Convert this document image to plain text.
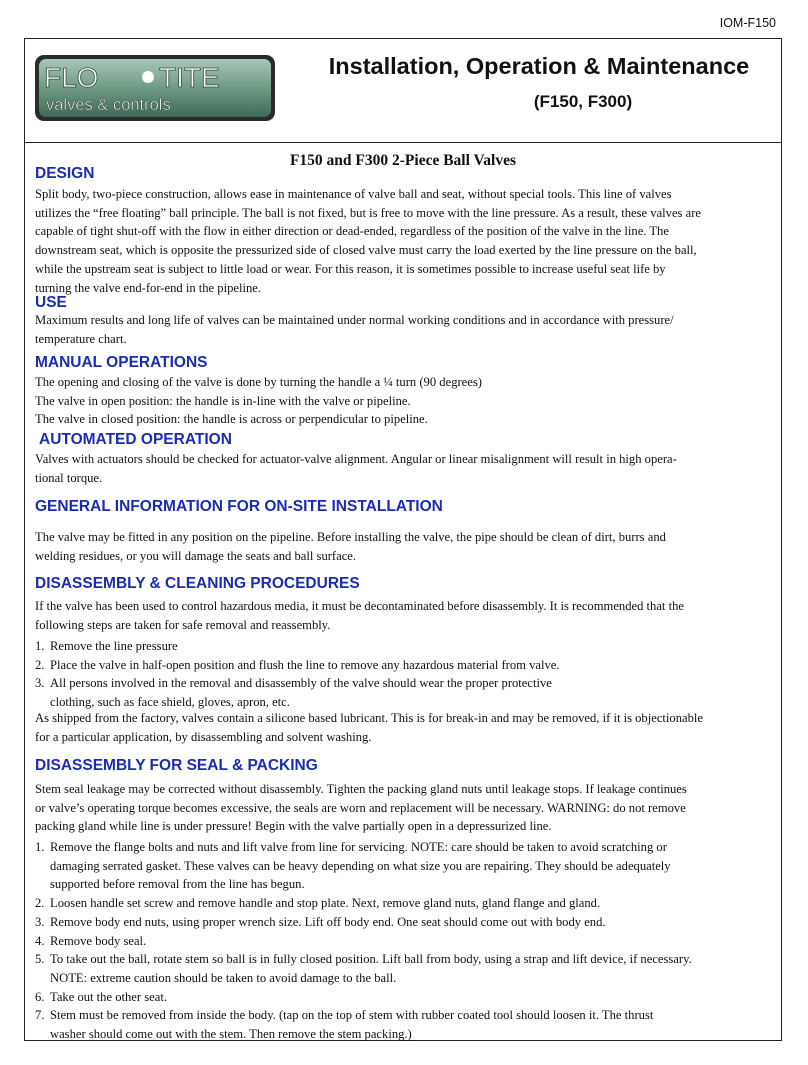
IOM-F150
FLO TITE
valves & controls
Installation, Operation & Maintenance
(F150, F300)
F150 and F300 2-Piece Ball Valves
DESIGN
Split body, two-piece construction, allows ease in maintenance of valve ball and seat, without special tools. This line of valves
utilizes the “free floating” ball principle. The ball is not fixed, but is free to move with the line pressure. As a result, these valves are
capable of tight shut-off with the flow in either direction or dead-ended, regardless of the position of the valve in the line. The
downstream seat, which is opposite the pressurized side of closed valve must carry the load exerted by the line pressure on the ball,
while the upstream seat is subject to little load or wear. For this reason, it is sometimes possible to increase useful seat life by
turning the valve end-for-end in the pipeline.
USE
Maximum results and long life of valves can be maintained under normal working conditions and in accordance with pressure/
temperature chart.
MANUAL OPERATIONS
The opening and closing of the valve is done by turning the handle a ¼ turn (90 degrees)
The valve in open position: the handle is in-line with the valve or pipeline.
The valve in closed position: the handle is across or perpendicular to pipeline.
AUTOMATED OPERATION
Valves with actuators should be checked for actuator-valve alignment. Angular or linear misalignment will result in high opera-
tional torque.
GENERAL INFORMATION FOR ON-SITE INSTALLATION
The valve may be fitted in any position on the pipeline. Before installing the valve, the pipe should be clean of dirt, burrs and
welding residues, or you will damage the seats and ball surface.
DISASSEMBLY & CLEANING PROCEDURES
If the valve has been used to control hazardous media, it must be decontaminated before disassembly. It is recommended that the
following steps are taken for safe removal and reassembly.
1. Remove the line pressure
2. Place the valve in half-open position and flush the line to remove any hazardous material from valve.
3. All persons involved in the removal and disassembly of the valve should wear the proper protective
clothing, such as face shield, gloves, apron, etc.
As shipped from the factory, valves contain a silicone based lubricant. This is for break-in and may be removed, if it is objectionable
for a particular application, by disassembling and solvent washing.
DISASSEMBLY FOR SEAL & PACKING
Stem seal leakage may be corrected without disassembly. Tighten the packing gland nuts until leakage stops. If leakage continues
or valve’s operating torque becomes excessive, the seals are worn and replacement will be necessary. WARNING: do not remove
packing gland while line is under pressure! Begin with the valve partially open in a depressurized line.
1. Remove the flange bolts and nuts and lift valve from line for servicing. NOTE: care should be taken to avoid scratching or
damaging serrated gasket. These valves can be heavy depending on what size you are repairing. They should be adequately
supported before removal from the line has begun.
2. Loosen handle set screw and remove handle and stop plate. Next, remove gland nuts, gland flange and gland.
3. Remove body end nuts, using proper wrench size. Lift off body end. One seat should come out with body end.
4. Remove body seal.
5. To take out the ball, rotate stem so ball is in fully closed position. Lift ball from body, using a strap and lift device, if necessary.
NOTE: extreme caution should be taken to avoid damage to the ball.
6. Take out the other seat.
7. Stem must be removed from inside the body. (tap on the top of stem with rubber coated tool should loosen it. The thrust
washer should come out with the stem. Then remove the stem packing.)
